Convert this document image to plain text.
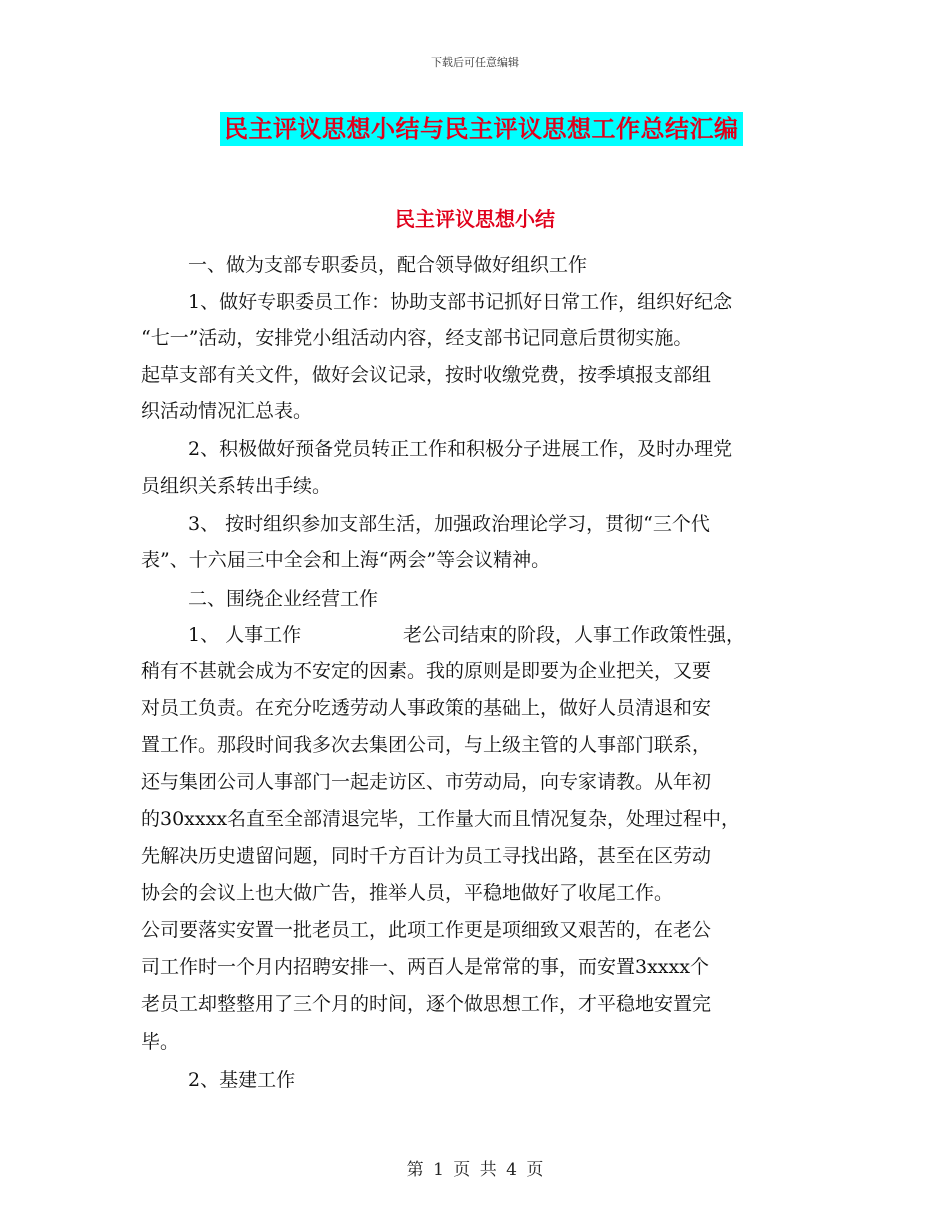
下载后可任意编辑
民主评议思想小结与民主评议思想工作总结汇编
民主评议思想小结
一、做为支部专职委员，配合领导做好组织工作
1、做好专职委员工作：协助支部书记抓好日常工作，组织好纪念
“七一”活动，安排党小组活动内容，经支部书记同意后贯彻实施。
起草支部有关文件，做好会议记录，按时收缴党费，按季填报支部组
织活动情况汇总表。
2、积极做好预备党员转正工作和积极分子进展工作，及时办理党
员组织关系转出手续。
3、 按时组织参加支部生活，加强政治理论学习，贯彻“三个代
表”、十六届三中全会和上海“两会”等会议精神。
二、围绕企业经营工作
1、 人事工作	老公司结束的阶段，人事工作政策性强，
稍有不甚就会成为不安定的因素。我的原则是即要为企业把关，又要
对员工负责。在充分吃透劳动人事政策的基础上，做好人员清退和安
置工作。那段时间我多次去集团公司，与上级主管的人事部门联系，
还与集团公司人事部门一起走访区、市劳动局，向专家请教。从年初
的30xxxx名直至全部清退完毕，工作量大而且情况复杂，处理过程中，
先解决历史遗留问题，同时千方百计为员工寻找出路，甚至在区劳动
协会的会议上也大做广告，推举人员，平稳地做好了收尾工作。
公司要落实安置一批老员工，此项工作更是项细致又艰苦的，在老公
司工作时一个月内招聘安排一、两百人是常常的事，而安置3xxxx个
老员工却整整用了三个月的时间，逐个做思想工作，才平稳地安置完
毕。
2、基建工作
第 1 页 共 4 页
